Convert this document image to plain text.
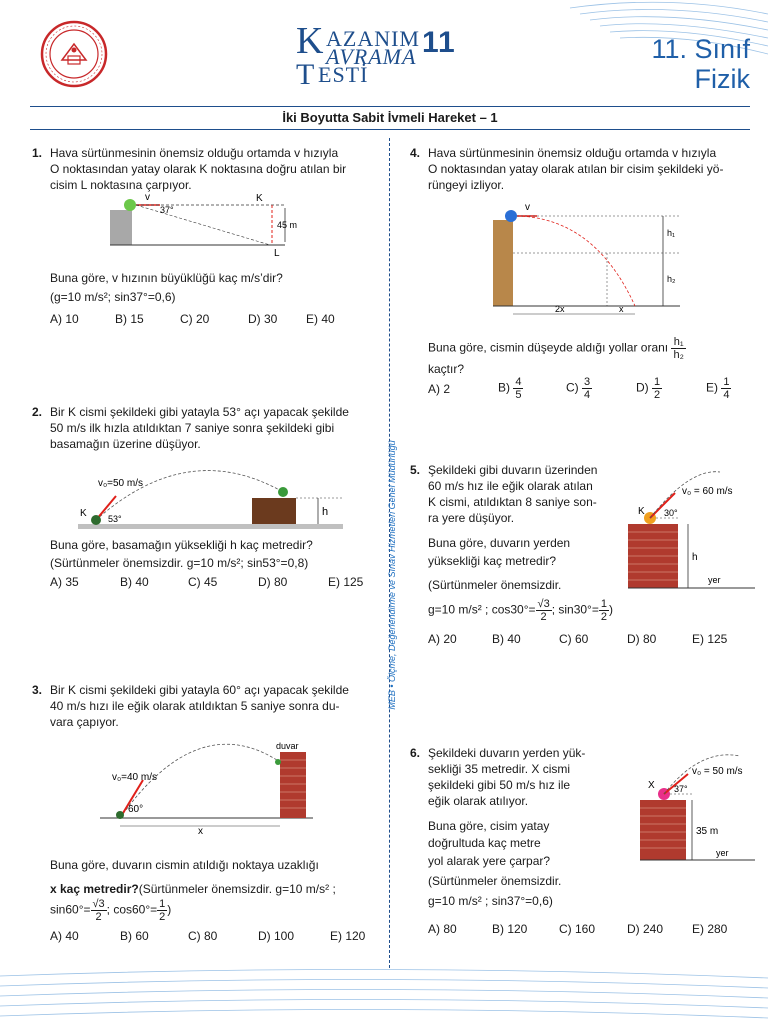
K AZANIM
AVRAMA
T ESTİ
11	11. Sınıf
Fizik
İki Boyutta Sabit İvmeli Hareket – 1
MEB • Ölçme, Değerlendirme ve Sınav Hizmetleri Genel Müdürlüğü
1. Hava sürtünmesinin önemsiz olduğu ortamda v hızıyla

O noktasından yatay olarak K noktasına doğru atılan bir

cisim L noktasına çarpıyor.

v
37°
K
L
45 m
Buna göre, v hızının büyüklüğü kaç m/s’dir?
(g=10 m/s²; sin37°=0,6)
A) 10	B) 15	C) 20	D) 30	E) 40
2. Bir K cismi şekildeki gibi yatayla 53° açı yapacak şekilde

50 m/s ilk hızla atıldıktan 7 saniye sonra şekildeki gibi

basamağın üzerine düşüyor.

h
v₀=50 m/s
K 53°
Buna göre, basamağın yüksekliği h kaç metredir?
(Sürtünmeler önemsizdir. g=10 m/s²; sin53°=0,8)
A) 35	B) 40	C) 45	D) 80	E) 125
3. Bir K cismi şekildeki gibi yatayla 60° açı yapacak şekilde

40 m/s hızı ile eğik olarak atıldıktan 5 saniye sonra du-

vara çapıyor.

x
duvar
v₀=40 m/s
60°
Buna göre, duvarın cismin atıldığı noktaya uzaklığı
x kaç metredir?(Sürtünmeler önemsizdir. g=10 m/s² ;
$\sin 60^\circ= \frac{√3}{2}$ ; $\cos 60^\circ= \frac{1}{2}$ )
A) 40	B) 60	C) 80	D) 100	E) 120
4. Hava sürtünmesinin önemsiz olduğu ortamda v hızıyla

O noktasından yatay olarak atılan bir cisim şekildeki yö-

rüngeyi izliyor.

v
h₁
h₂
2x	x
Buna göre, cismin düşeyde aldığı yollar oranı $\frac{\text{h₁}}{\text{h₂}}$
kaçtır?
A) 2	$B) \frac{4}{5}$	$C) \frac{3}{4}$	$D) \frac{1}{2}$	$E) \frac{1}{4}$
5. Şekildeki gibi duvarın üzerinden

60 m/s hız ile eğik olarak atılan

K cismi, atıldıktan 8 saniye son-

ra yere düşüyor.

Buna göre, duvarın yerden
yüksekliği kaç metredir?
(Sürtünmeler önemsizdir.
g=10 m/s² ; $\cos 30^\circ= \frac{√3}{2}$ ; $\sin 30^\circ= \frac{1}{2}$ )
v₀ = 60 m/s
K 30°
h
yer
A) 20	B) 40	C) 60	D) 80	E) 125
6. Şekildeki duvarın yerden yük-

sekliği 35 metredir. X cismi

şekildeki gibi 50 m/s hız ile

eğik olarak atılıyor.

Buna göre, cisim yatay
doğrultuda kaç metre
yol alarak yere çarpar?
(Sürtünmeler önemsizdir.
g=10 m/s² ; sin37°=0,6)
v₀ = 50 m/s
X 37°
35 m
yer
A) 80	B) 120	C) 160	D) 240	E) 280
